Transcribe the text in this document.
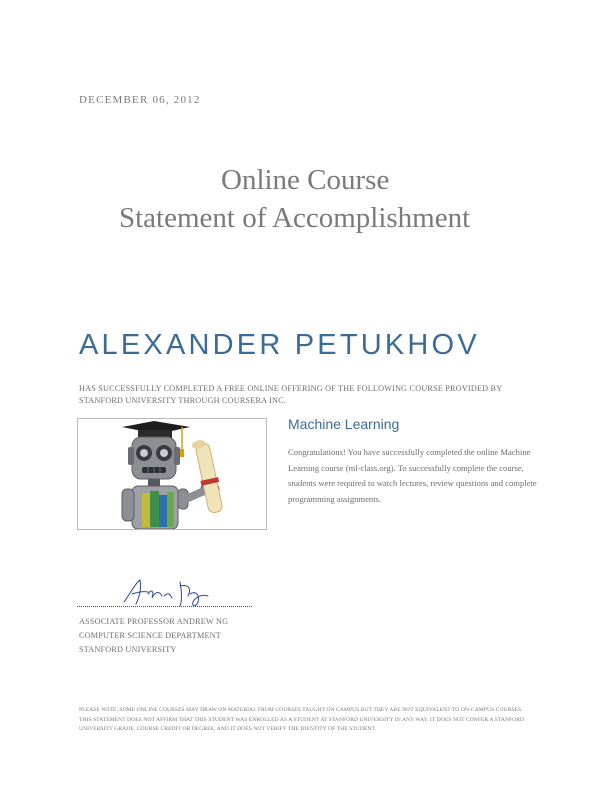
DECEMBER 06, 2012
Online Course
Statement of Accomplishment
ALEXANDER PETUKHOV
HAS SUCCESSFULLY COMPLETED A FREE ONLINE OFFERING OF THE FOLLOWING COURSE PROVIDED BY STANFORD UNIVERSITY THROUGH COURSERA INC.
Machine Learning
Congratulations! You have successfully completed the online Machine Learning course (ml-class.org). To successfully complete the course, students were required to watch lectures, review questions and complete programming assignments.
ASSOCIATE PROFESSOR ANDREW NG
COMPUTER SCIENCE DEPARTMENT
STANFORD UNIVERSITY
PLEASE NOTE: SOME ONLINE COURSES MAY DRAW ON MATERIAL FROM COURSES TAUGHT ON CAMPUS BUT THEY ARE NOT EQUIVALENT TO ON-CAMPUS COURSES. THIS STATEMENT DOES NOT AFFIRM THAT THIS STUDENT WAS ENROLLED AS A STUDENT AT STANFORD UNIVERSITY IN ANY WAY. IT DOES NOT CONFER A STANFORD UNIVERSITY GRADE, COURSE CREDIT OR DEGREE, AND IT DOES NOT VERIFY THE IDENTITY OF THE STUDENT.
